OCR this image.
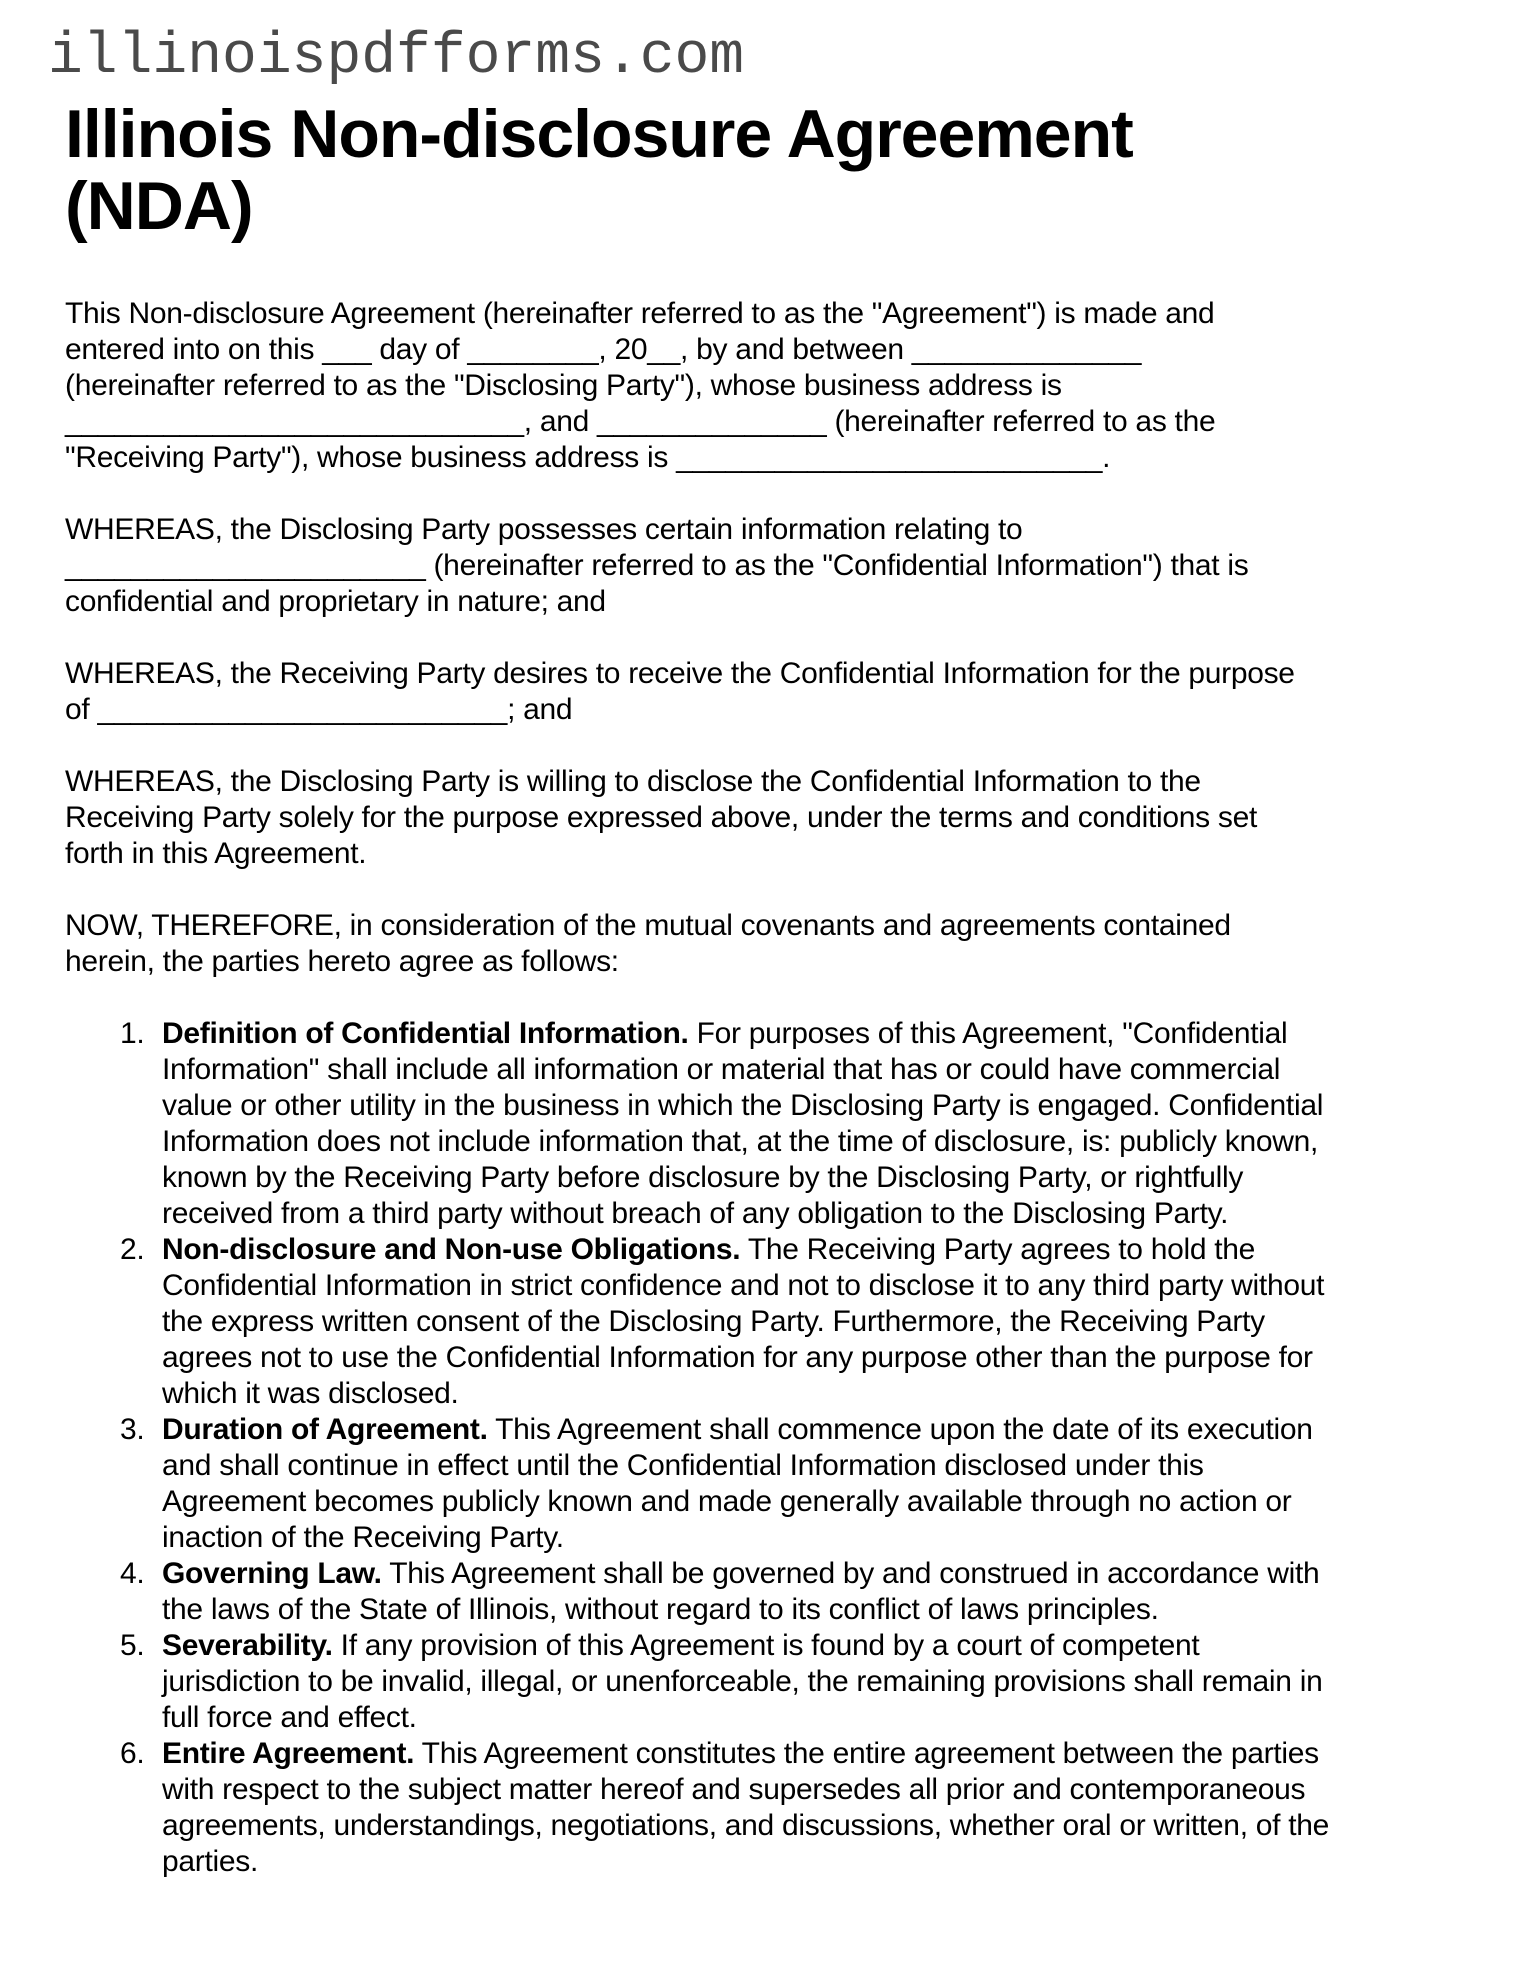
illinoispdfforms.com
Illinois Non-disclosure Agreement (NDA)

This Non-disclosure Agreement (hereinafter referred to as the "Agreement") is made and entered into on this ___ day of ________, 20__, by and between ______________ (hereinafter referred to as the "Disclosing Party"), whose business address is ____________________________, and ______________ (hereinafter referred to as the "Receiving Party"), whose business address is __________________________.

WHEREAS, the Disclosing Party possesses certain information relating to ______________________ (hereinafter referred to as the "Confidential Information") that is confidential and proprietary in nature; and

WHEREAS, the Receiving Party desires to receive the Confidential Information for the purpose of _________________________; and

WHEREAS, the Disclosing Party is willing to disclose the Confidential Information to the Receiving Party solely for the purpose expressed above, under the terms and conditions set forth in this Agreement.

NOW, THEREFORE, in consideration of the mutual covenants and agreements contained herein, the parties hereto agree as follows:

Definition of Confidential Information. For purposes of this Agreement, "Confidential Information" shall include all information or material that has or could have commercial value or other utility in the business in which the Disclosing Party is engaged. Confidential Information does not include information that, at the time of disclosure, is: publicly known, known by the Receiving Party before disclosure by the Disclosing Party, or rightfully received from a third party without breach of any obligation to the Disclosing Party.
Non-disclosure and Non-use Obligations. The Receiving Party agrees to hold the Confidential Information in strict confidence and not to disclose it to any third party without the express written consent of the Disclosing Party. Furthermore, the Receiving Party agrees not to use the Confidential Information for any purpose other than the purpose for which it was disclosed.
Duration of Agreement. This Agreement shall commence upon the date of its execution and shall continue in effect until the Confidential Information disclosed under this Agreement becomes publicly known and made generally available through no action or inaction of the Receiving Party.
Governing Law. This Agreement shall be governed by and construed in accordance with the laws of the State of Illinois, without regard to its conflict of laws principles.
Severability. If any provision of this Agreement is found by a court of competent jurisdiction to be invalid, illegal, or unenforceable, the remaining provisions shall remain in full force and effect.
Entire Agreement. This Agreement constitutes the entire agreement between the parties with respect to the subject matter hereof and supersedes all prior and contemporaneous agreements, understandings, negotiations, and discussions, whether oral or written, of the parties.
